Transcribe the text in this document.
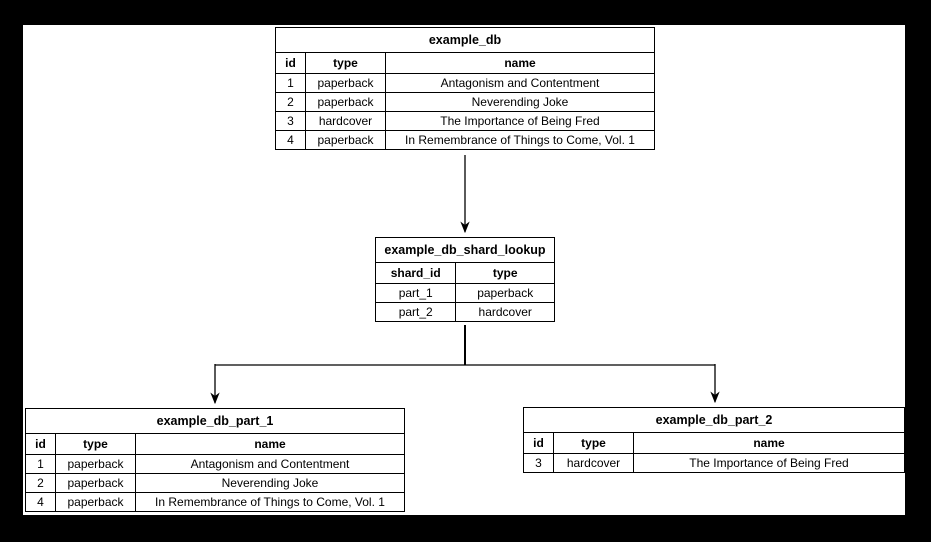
example_db		
id	type	name
1	paperback	Antagonism and Contentment
2	paperback	Neverending Joke
3	hardcover	The Importance of Being Fred
4	paperback	In Remembrance of Things to Come, Vol. 1
example_db_shard_lookup	
shard_id	type
part_1	paperback
part_2	hardcover
example_db_part_1		
id	type	name
1	paperback	Antagonism and Contentment
2	paperback	Neverending Joke
4	paperback	In Remembrance of Things to Come, Vol. 1
example_db_part_2		
id	type	name
3	hardcover	The Importance of Being Fred
